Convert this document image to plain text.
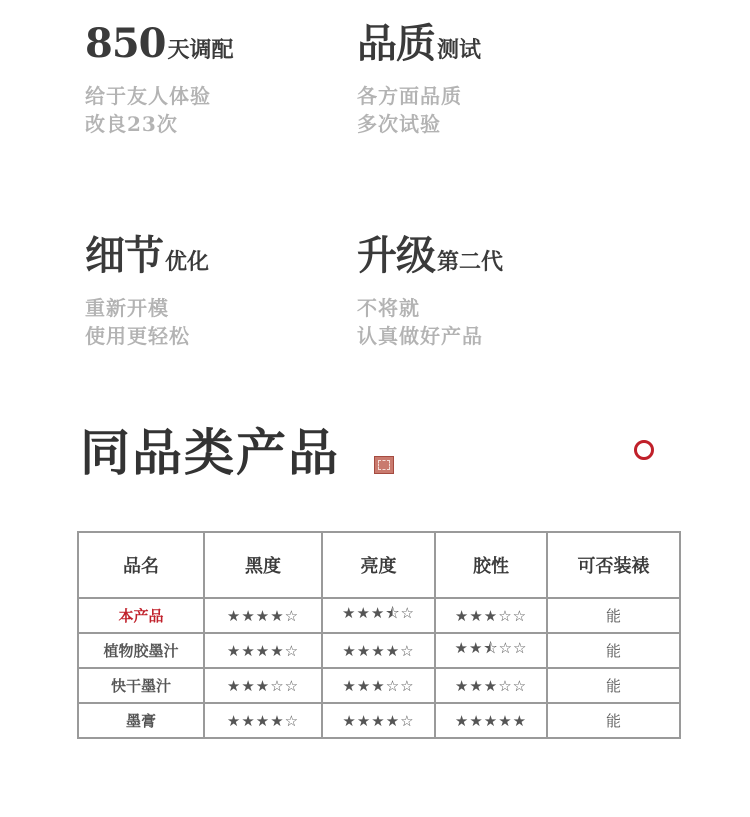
850天调配
给于友人体验
改良23次
品质测试
各方面品质
多次试验
细节优化
重新开模
使用更轻松
升级第二代
不将就
认真做好产品
同品类产品
品名	黑度	亮度	胶性	可否装裱
本产品	★★★★☆	★★★⯪☆	★★★☆☆	能
植物胶墨汁	★★★★☆	★★★★☆	★★⯪☆☆	能
快干墨汁	★★★☆☆	★★★☆☆	★★★☆☆	能
墨膏	★★★★☆	★★★★☆	★★★★★	能
